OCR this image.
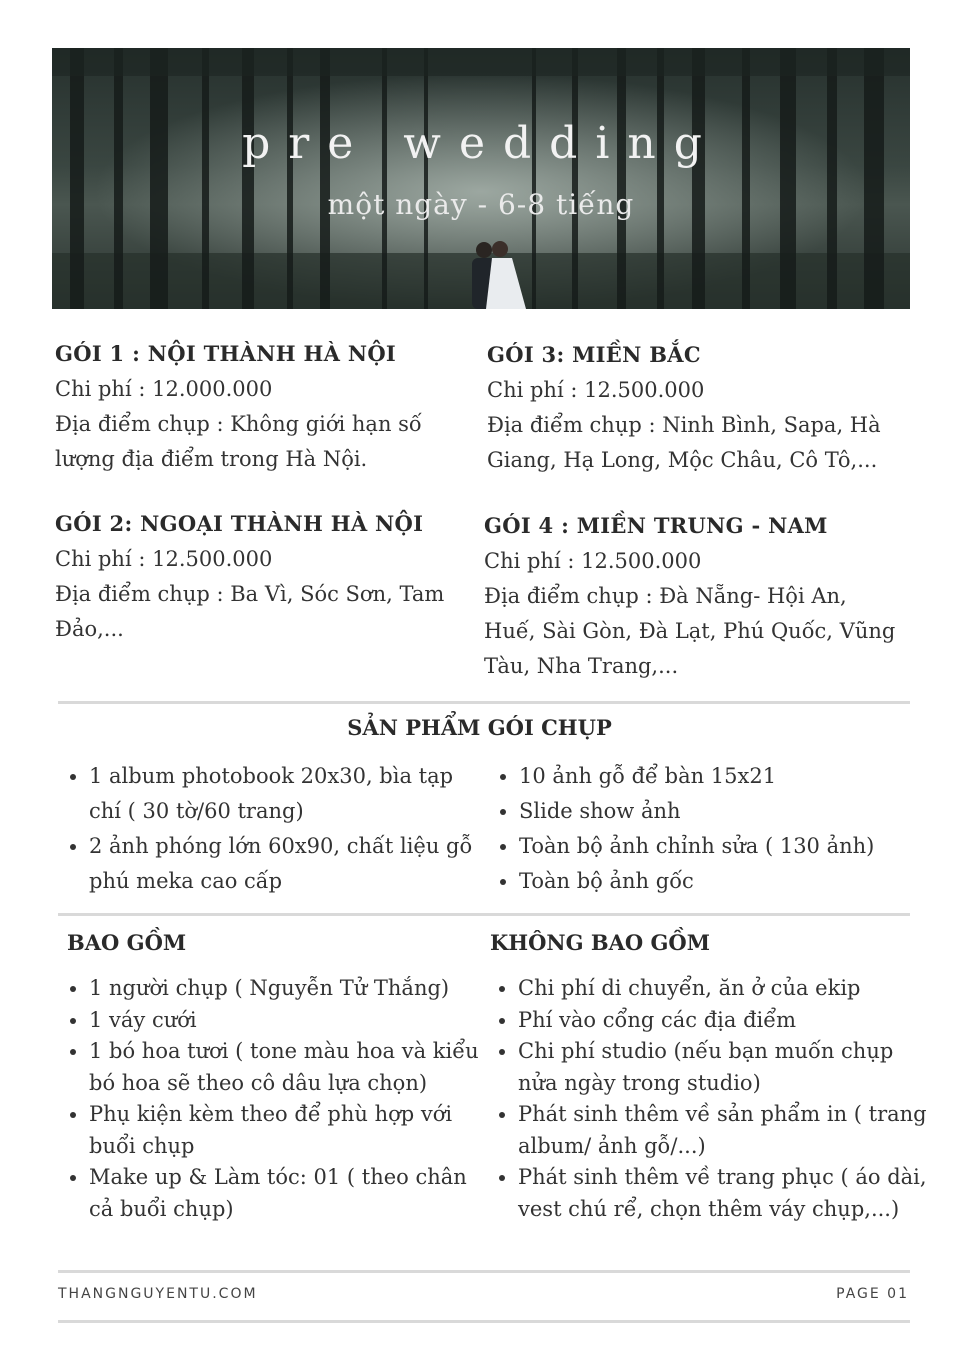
pre wedding
một ngày - 6-8 tiếng
GÓI 1 : NỘI THÀNH HÀ NỘI

Chi phí : 12.000.000

Địa điểm chụp : Không giới hạn số lượng địa điểm trong Hà Nội.

GÓI 2: NGOẠI THÀNH HÀ NỘI

Chi phí : 12.500.000

Địa điểm chụp : Ba Vì, Sóc Sơn, Tam Đảo,...

GÓI 3: MIỀN BẮC

Chi phí : 12.500.000

Địa điểm chụp : Ninh Bình, Sapa, Hà Giang, Hạ Long, Mộc Châu, Cô Tô,...

GÓI 4 : MIỀN TRUNG - NAM

Chi phí : 12.500.000

Địa điểm chụp : Đà Nẵng- Hội An, Huế, Sài Gòn, Đà Lạt, Phú Quốc, Vũng Tàu, Nha Trang,...

SẢN PHẨM GÓI CHỤP
• 1 album photobook 20x30, bìa tạp chí ( 30 tờ/60 trang)
• 2 ảnh phóng lớn 60x90, chất liệu gỗ phú meka cao cấp
• 10 ảnh gỗ để bàn 15x21
• Slide show ảnh
• Toàn bộ ảnh chỉnh sửa ( 130 ảnh)
• Toàn bộ ảnh gốc
BAO GỒM
• 1 người chụp ( Nguyễn Tử Thắng)
• 1 váy cưới
• 1 bó hoa tươi ( tone màu hoa và kiểu bó hoa sẽ theo cô dâu lựa chọn)
• Phụ kiện kèm theo để phù hợp với buổi chụp
• Make up & Làm tóc: 01 ( theo chân cả buổi chụp)
KHÔNG BAO GỒM
• Chi phí di chuyển, ăn ở của ekip
• Phí vào cổng các địa điểm
• Chi phí studio (nếu bạn muốn chụp nửa ngày trong studio)
• Phát sinh thêm về sản phẩm in ( trang album/ ảnh gỗ/...)
• Phát sinh thêm về trang phục ( áo dài, vest chú rể, chọn thêm váy chụp,...)
THANGNGUYENTU.COM	PAGE 01
